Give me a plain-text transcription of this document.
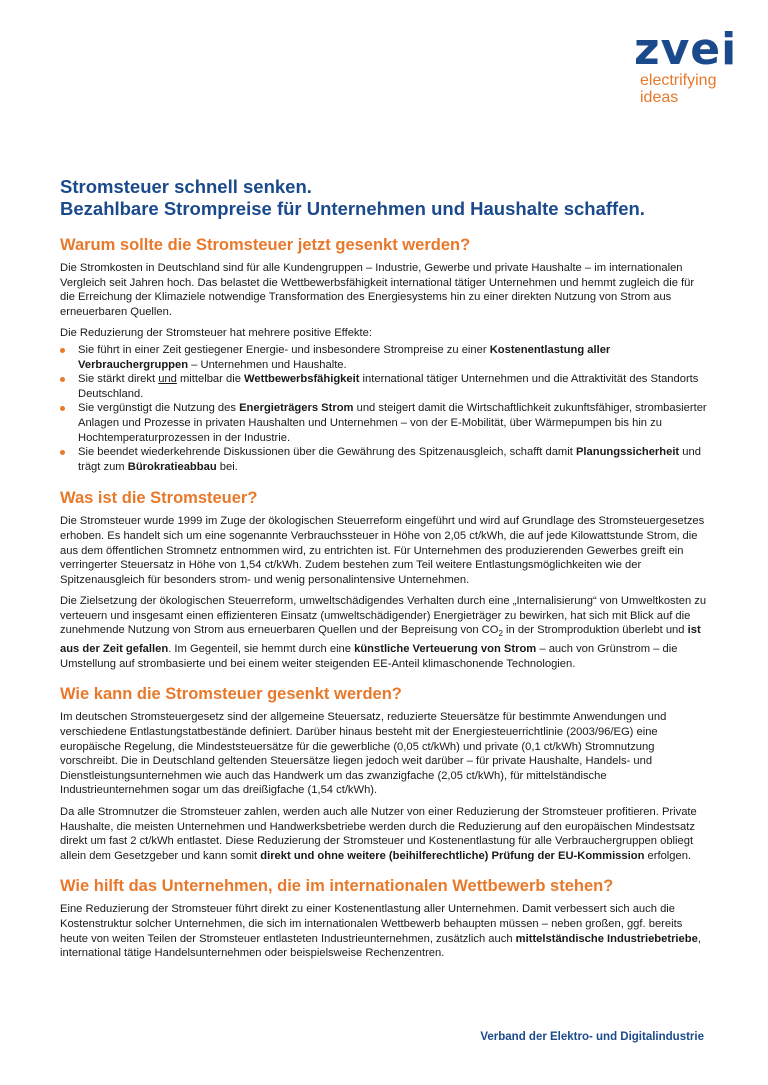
zvei
electrifying
ideas
Stromsteuer schnell senken.
Bezahlbare Strompreise für Unternehmen und Haushalte schaffen.
Warum sollte die Stromsteuer jetzt gesenkt werden?

Die Stromkosten in Deutschland sind für alle Kundengruppen – Industrie, Gewerbe und private Haushalte – im internationalen Vergleich seit Jahren hoch. Das belastet die Wettbewerbsfähigkeit international tätiger Unternehmen und hemmt zugleich die für die Erreichung der Klimaziele notwendige Transformation des Energiesystems hin zu einer direkten Nutzung von Strom aus erneuerbaren Quellen.

Die Reduzierung der Stromsteuer hat mehrere positive Effekte:

Sie führt in einer Zeit gestiegener Energie- und insbesondere Strompreise zu einer Kostenentlastung aller Verbrauchergruppen – Unternehmen und Haushalte.
Sie stärkt direkt und mittelbar die Wettbewerbsfähigkeit international tätiger Unternehmen und die Attraktivität des Standorts Deutschland.
Sie vergünstigt die Nutzung des Energieträgers Strom und steigert damit die Wirtschaftlichkeit zukunftsfähiger, strombasierter Anlagen und Prozesse in privaten Haushalten und Unternehmen – von der E-Mobilität, über Wärmepumpen bis hin zu Hochtemperaturprozessen in der Industrie.
Sie beendet wiederkehrende Diskussionen über die Gewährung des Spitzenausgleich, schafft damit Planungssicherheit und trägt zum Bürokratieabbau bei.
Was ist die Stromsteuer?

Die Stromsteuer wurde 1999 im Zuge der ökologischen Steuerreform eingeführt und wird auf Grundlage des Stromsteuergesetzes erhoben. Es handelt sich um eine sogenannte Verbrauchssteuer in Höhe von 2,05 ct/kWh, die auf jede Kilowattstunde Strom, die aus dem öffentlichen Stromnetz entnommen wird, zu entrichten ist. Für Unternehmen des produzierenden Gewerbes greift ein verringerter Steuersatz in Höhe von 1,54 ct/kWh. Zudem bestehen zum Teil weitere Entlastungsmöglichkeiten wie der Spitzenausgleich für besonders strom- und wenig personalintensive Unternehmen.

Die Zielsetzung der ökologischen Steuerreform, umweltschädigendes Verhalten durch eine „Internalisierung“ von Umweltkosten zu verteuern und insgesamt einen effizienteren Einsatz (umweltschädigender) Energieträger zu bewirken, hat sich mit Blick auf die zunehmende Nutzung von Strom aus erneuerbaren Quellen und der Bepreisung von $CO_2$ in der Stromproduktion überlebt und ist aus der Zeit gefallen. Im Gegenteil, sie hemmt durch eine künstliche Verteuerung von Strom – auch von Grünstrom – die Umstellung auf strombasierte und bei einem weiter steigenden EE-Anteil klimaschonende Technologien.

Wie kann die Stromsteuer gesenkt werden?

Im deutschen Stromsteuergesetz sind der allgemeine Steuersatz, reduzierte Steuersätze für bestimmte Anwendungen und verschiedene Entlastungstatbestände definiert. Darüber hinaus besteht mit der Energiesteuerrichtlinie (2003/96/EG) eine europäische Regelung, die Mindeststeuersätze für die gewerbliche (0,05 ct/kWh) und private (0,1 ct/kWh) Stromnutzung vorschreibt. Die in Deutschland geltenden Steuersätze liegen jedoch weit darüber – für private Haushalte, Handels- und Dienstleistungsunternehmen wie auch das Handwerk um das zwanzigfache (2,05 ct/kWh), für mittelständische Industrieunternehmen sogar um das dreißigfache (1,54 ct/kWh).

Da alle Stromnutzer die Stromsteuer zahlen, werden auch alle Nutzer von einer Reduzierung der Stromsteuer profitieren. Private Haushalte, die meisten Unternehmen und Handwerksbetriebe werden durch die Reduzierung auf den europäischen Mindestsatz direkt um fast 2 ct/kWh entlastet. Diese Reduzierung der Stromsteuer und Kostenentlastung für alle Verbrauchergruppen obliegt allein dem Gesetzgeber und kann somit direkt und ohne weitere (beihilferechtliche) Prüfung der EU-Kommission erfolgen.

Wie hilft das Unternehmen, die im internationalen Wettbewerb stehen?

Eine Reduzierung der Stromsteuer führt direkt zu einer Kostenentlastung aller Unternehmen. Damit verbessert sich auch die Kostenstruktur solcher Unternehmen, die sich im internationalen Wettbewerb behaupten müssen – neben großen, ggf. bereits heute von weiten Teilen der Stromsteuer entlasteten Industrieunternehmen, zusätzlich auch mittelständische Industriebetriebe, international tätige Handelsunternehmen oder beispielsweise Rechenzentren.

Verband der Elektro- und Digitalindustrie
